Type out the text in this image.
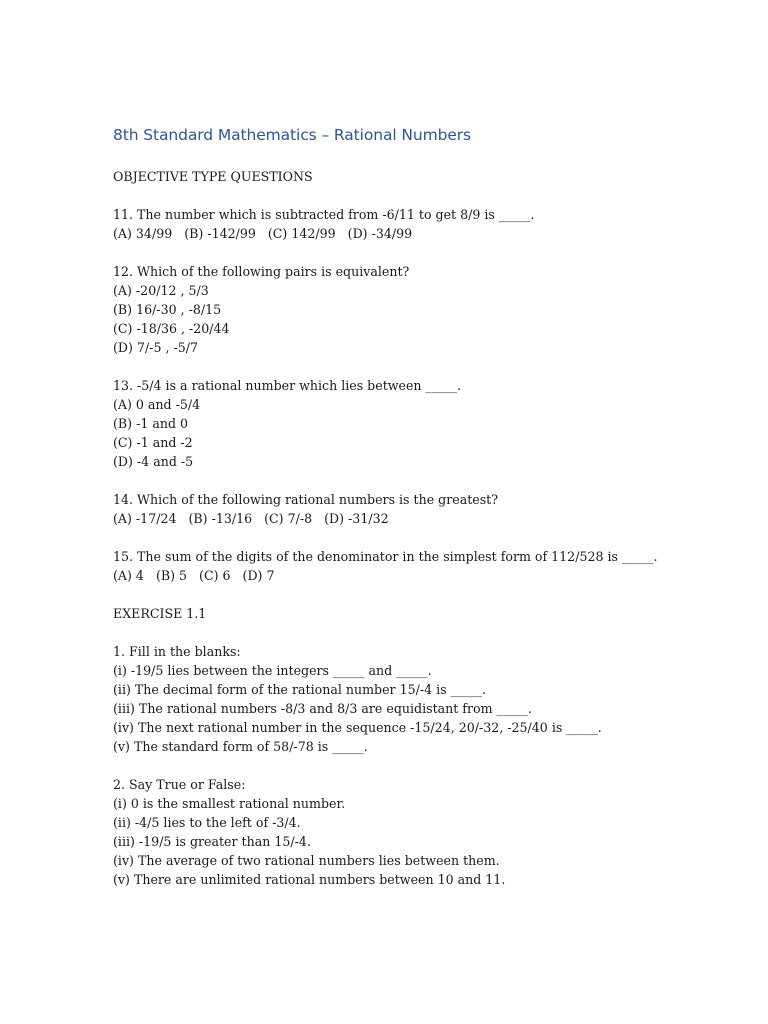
8th Standard Mathematics – Rational Numbers
OBJECTIVE TYPE QUESTIONS
11. The number which is subtracted from -6/11 to get 8/9 is _____.
(A) 34/99   (B) -142/99   (C) 142/99   (D) -34/99
12. Which of the following pairs is equivalent?
(A) -20/12 , 5/3
(B) 16/-30 , -8/15
(C) -18/36 , -20/44
(D) 7/-5 , -5/7
13. -5/4 is a rational number which lies between _____.
(A) 0 and -5/4
(B) -1 and 0
(C) -1 and -2
(D) -4 and -5
14. Which of the following rational numbers is the greatest?
(A) -17/24   (B) -13/16   (C) 7/-8   (D) -31/32
15. The sum of the digits of the denominator in the simplest form of 112/528 is _____.
(A) 4   (B) 5   (C) 6   (D) 7
EXERCISE 1.1
1. Fill in the blanks:
(i) -19/5 lies between the integers _____ and _____.
(ii) The decimal form of the rational number 15/-4 is _____.
(iii) The rational numbers -8/3 and 8/3 are equidistant from _____.
(iv) The next rational number in the sequence -15/24, 20/-32, -25/40 is _____.
(v) The standard form of 58/-78 is _____.
2. Say True or False:
(i) 0 is the smallest rational number.
(ii) -4/5 lies to the left of -3/4.
(iii) -19/5 is greater than 15/-4.
(iv) The average of two rational numbers lies between them.
(v) There are unlimited rational numbers between 10 and 11.
